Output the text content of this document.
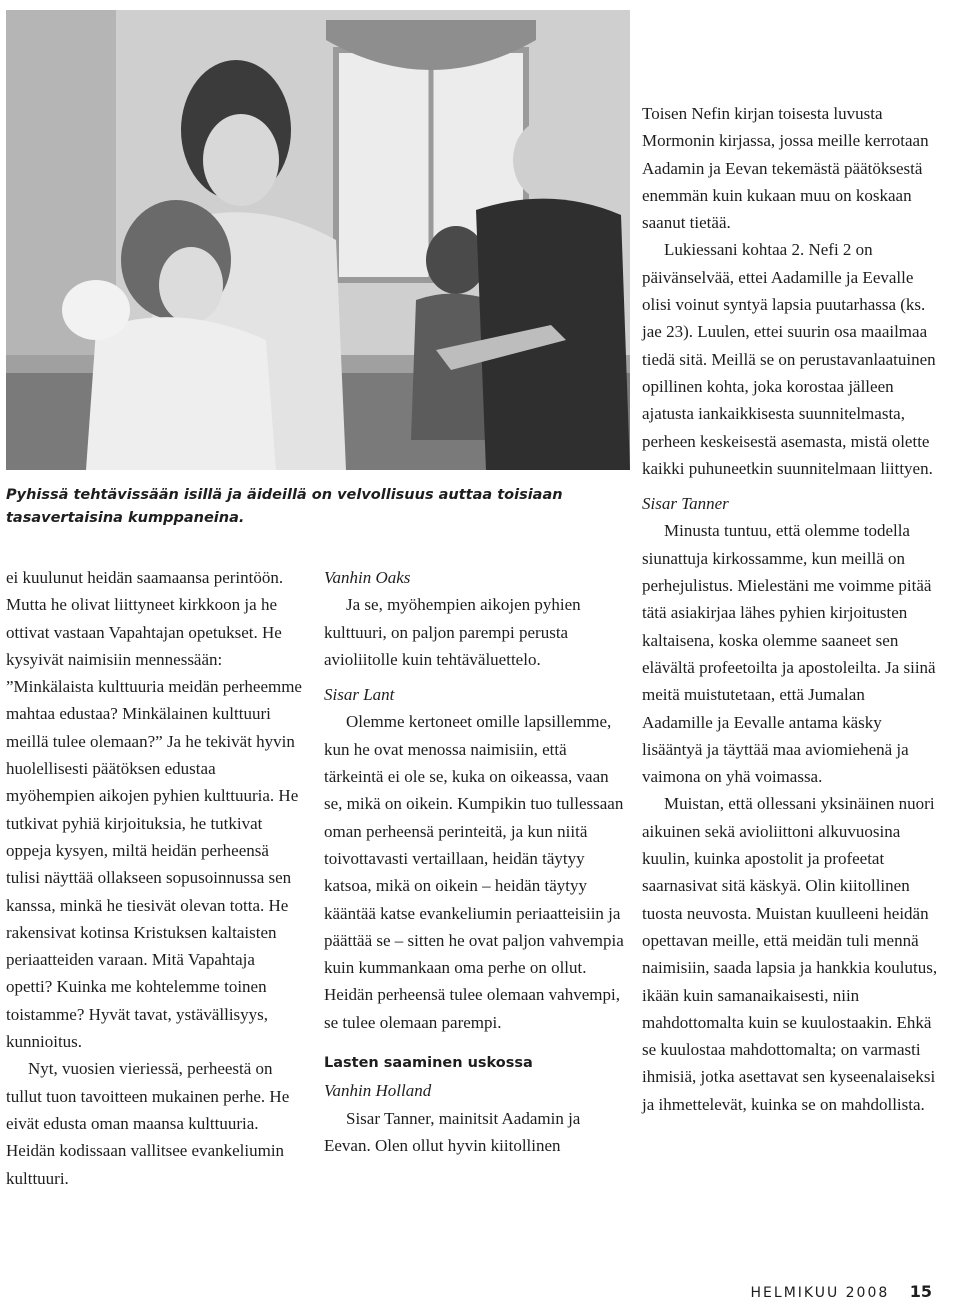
Pyhissä tehtävissään isillä ja äideillä on velvollisuus auttaa toisiaan tasavertaisina kumppaneina.

ei kuulunut heidän saamaansa perintöön. Mutta he olivat liittyneet kirkkoon ja he ottivat vastaan Vapahtajan opetukset. He kysyivät naimisiin mennessään: ”Minkälaista kulttuuria meidän perheemme mahtaa edustaa? Minkälainen kulttuuri meillä tulee olemaan?” Ja he tekivät hyvin huolellisesti päätöksen edustaa myöhempien aikojen pyhien kulttuuria. He tutkivat pyhiä kirjoituksia, he tutkivat oppeja kysyen, miltä heidän perheensä tulisi näyttää ollakseen sopusoinnussa sen kanssa, minkä he tiesivät olevan totta. He rakensivat kotinsa Kristuksen kaltaisten periaatteiden varaan. Mitä Vapahtaja opetti? Kuinka me kohtelemme toinen toistamme? Hyvät tavat, ystävällisyys, kunnioitus.

Nyt, vuosien vieriessä, perheestä on tullut tuon tavoitteen mukainen perhe. He eivät edusta oman maansa kulttuuria. Heidän kodissaan vallitsee evankeliumin kulttuuri.

Vanhin Oaks

Ja se, myöhempien aikojen pyhien kulttuuri, on paljon parempi perusta avioliitolle kuin tehtäväluettelo.

Sisar Lant

Olemme kertoneet omille lapsillemme, kun he ovat menossa naimisiin, että tärkeintä ei ole se, kuka on oikeassa, vaan se, mikä on oikein. Kumpikin tuo tullessaan oman perheensä perinteitä, ja kun niitä toivottavasti vertaillaan, heidän täytyy katsoa, mikä on oikein – heidän täytyy kääntää katse evankeliumin periaatteisiin ja päättää se – sitten he ovat paljon vahvempia kuin kummankaan oma perhe on ollut. Heidän perheensä tulee olemaan vahvempi, se tulee olemaan parempi.

Lasten saaminen uskossa

Vanhin Holland

Sisar Tanner, mainitsit Aadamin ja Eevan. Olen ollut hyvin kiitollinen

Toisen Nefin kirjan toisesta luvusta Mormonin kirjassa, jossa meille kerrotaan Aadamin ja Eevan tekemästä päätöksestä enemmän kuin kukaan muu on koskaan saanut tietää.

Lukiessani kohtaa 2. Nefi 2 on päivänselvää, ettei Aadamille ja Eevalle olisi voinut syntyä lapsia puutarhassa (ks. jae 23). Luulen, ettei suurin osa maailmaa tiedä sitä. Meillä se on perustavanlaatuinen opillinen kohta, joka korostaa jälleen ajatusta iankaikkisesta suunnitelmasta, perheen keskeisestä asemasta, mistä olette kaikki puhuneetkin suunnitelmaan liittyen.

Sisar Tanner

Minusta tuntuu, että olemme todella siunattuja kirkossamme, kun meillä on perhejulistus. Mielestäni me voimme pitää tätä asiakirjaa lähes pyhien kirjoitusten kaltaisena, koska olemme saaneet sen elävältä profeetoilta ja apostoleilta. Ja siinä meitä muistutetaan, että Jumalan Aadamille ja Eevalle antama käsky lisääntyä ja täyttää maa aviomiehenä ja vaimona on yhä voimassa.

Muistan, että ollessani yksinäinen nuori aikuinen sekä avioliittoni alkuvuosina kuulin, kuinka apostolit ja profeetat saarnasivat sitä käskyä. Olin kiitollinen tuosta neuvosta. Muistan kuulleeni heidän opettavan meille, että meidän tuli mennä naimisiin, saada lapsia ja hankkia koulutus, ikään kuin samanaikaisesti, niin mahdottomalta kuin se kuulostaakin. Ehkä se kuulostaa mahdottomalta; on varmasti ihmisiä, jotka asettavat sen kyseenalaiseksi ja ihmettelevät, kuinka se on mahdollista.

HELMIKUU 2008 15
